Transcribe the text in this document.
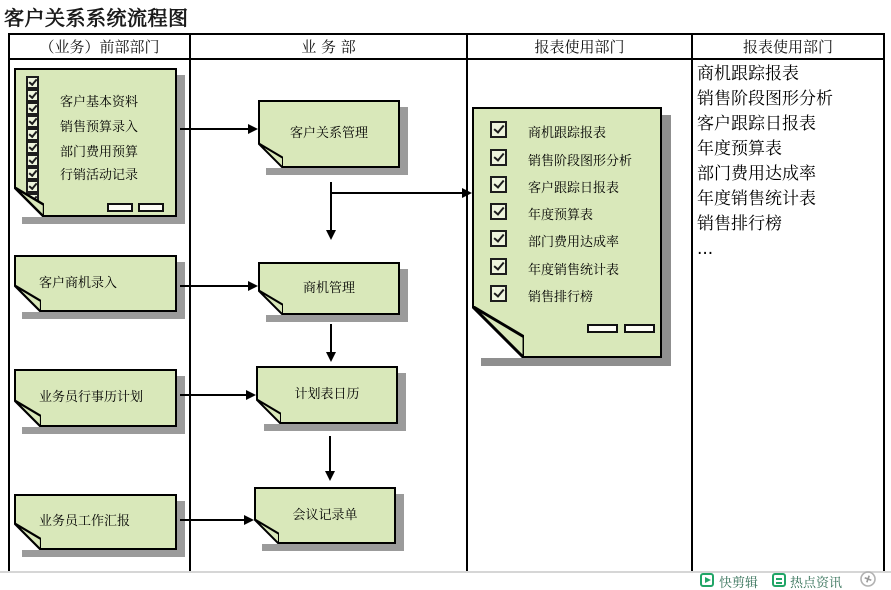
客户关系系统流程图
（业务）前部部门	业 务 部	报表使用部门	报表使用部门
客户基本资料
销售预算录入
部门费用预算
行销活动记录
客户商机录入
业务员行事历计划
业务员工作汇报
客户关系管理
商机管理
计划表日历
会议记录单
商机跟踪报表
销售阶段图形分析
客户跟踪日报表
年度预算表
部门费用达成率
年度销售统计表
销售排行榜
商机跟踪报表
销售阶段图形分析
客户跟踪日报表
年度预算表
部门费用达成率
年度销售统计表
销售排行榜
...
快剪辑 热点资讯
